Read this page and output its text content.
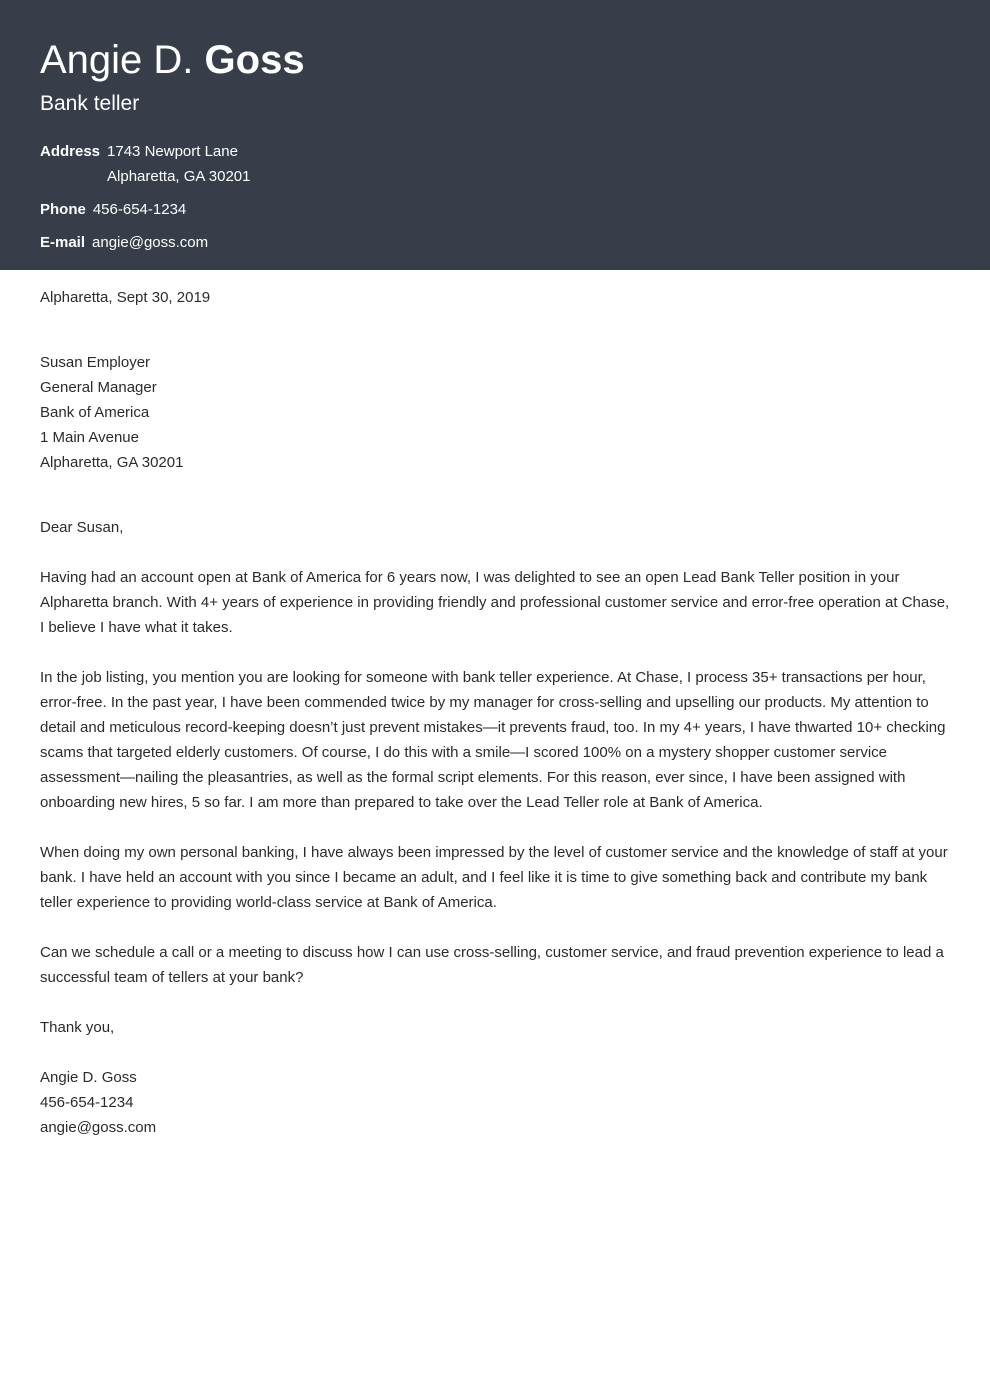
Angie D. Goss
Bank teller
Address 1743 Newport Lane
Alpharetta, GA 30201
Phone 456-654-1234
E-mail angie@goss.com
Alpharetta, Sept 30, 2019
Susan Employer
General Manager
Bank of America
1 Main Avenue
Alpharetta, GA 30201
Dear Susan,

Having had an account open at Bank of America for 6 years now, I was delighted to see an open Lead Bank Teller position in your Alpharetta branch. With 4+ years of experience in providing friendly and professional customer service and error-free operation at Chase, I believe I have what it takes.

In the job listing, you mention you are looking for someone with bank teller experience. At Chase, I process 35+ transactions per hour, error-free. In the past year, I have been commended twice by my manager for cross-selling and upselling our products. My attention to detail and meticulous record-keeping doesn’t just prevent mistakes—it prevents fraud, too. In my 4+ years, I have thwarted 10+ checking scams that targeted elderly customers. Of course, I do this with a smile—I scored 100% on a mystery shopper customer service assessment—nailing the pleasantries, as well as the formal script elements. For this reason, ever since, I have been assigned with onboarding new hires, 5 so far. I am more than prepared to take over the Lead Teller role at Bank of America.

When doing my own personal banking, I have always been impressed by the level of customer service and the knowledge of staff at your bank. I have held an account with you since I became an adult, and I feel like it is time to give something back and contribute my bank teller experience to providing world-class service at Bank of America.

Can we schedule a call or a meeting to discuss how I can use cross-selling, customer service, and fraud prevention experience to lead a successful team of tellers at your bank?

Thank you,
Angie D. Goss
456-654-1234
angie@goss.com
